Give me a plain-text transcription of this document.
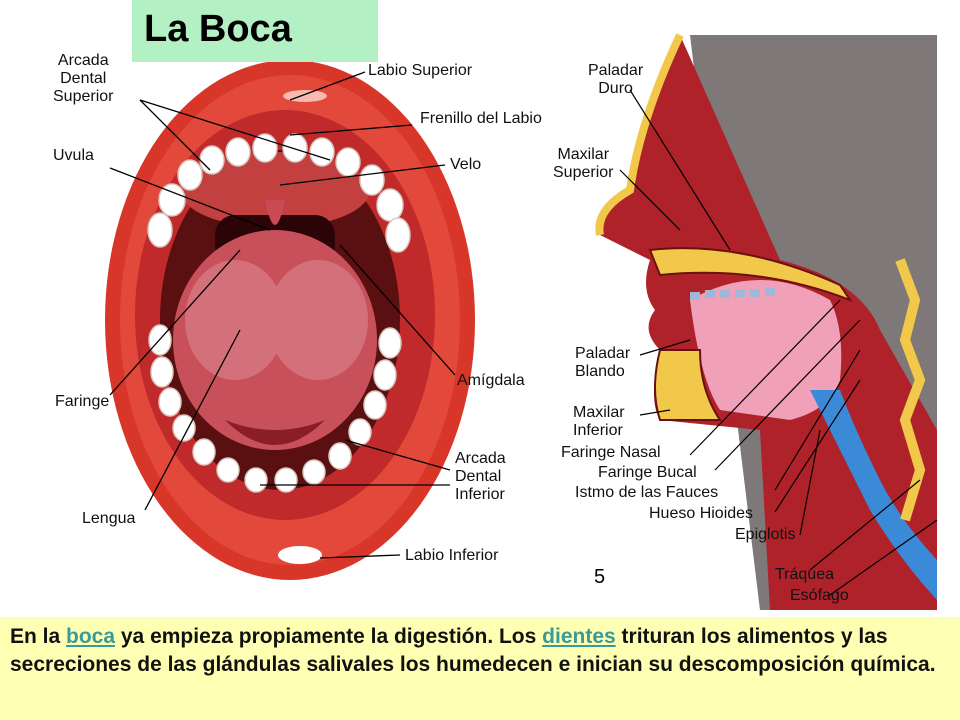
La Boca
Arcada
Dental
Superior
Labio Superior
Frenillo del Labio
Uvula
Velo
Faringe
Amígdala
Arcada
Dental
Inferior
Lengua
Labio Inferior
Paladar
Duro
Maxilar
Superior
Paladar
Blando
Maxilar
Inferior
Faringe Nasal
Faringe Bucal
Istmo de las Fauces
Hueso Hioides
Epiglotis
Tráquea
Esófago
5
En la boca ya empieza propiamente la digestión. Los dientes trituran los alimentos y las secreciones de las glándulas salivales los humedecen e inician su descomposición química.
